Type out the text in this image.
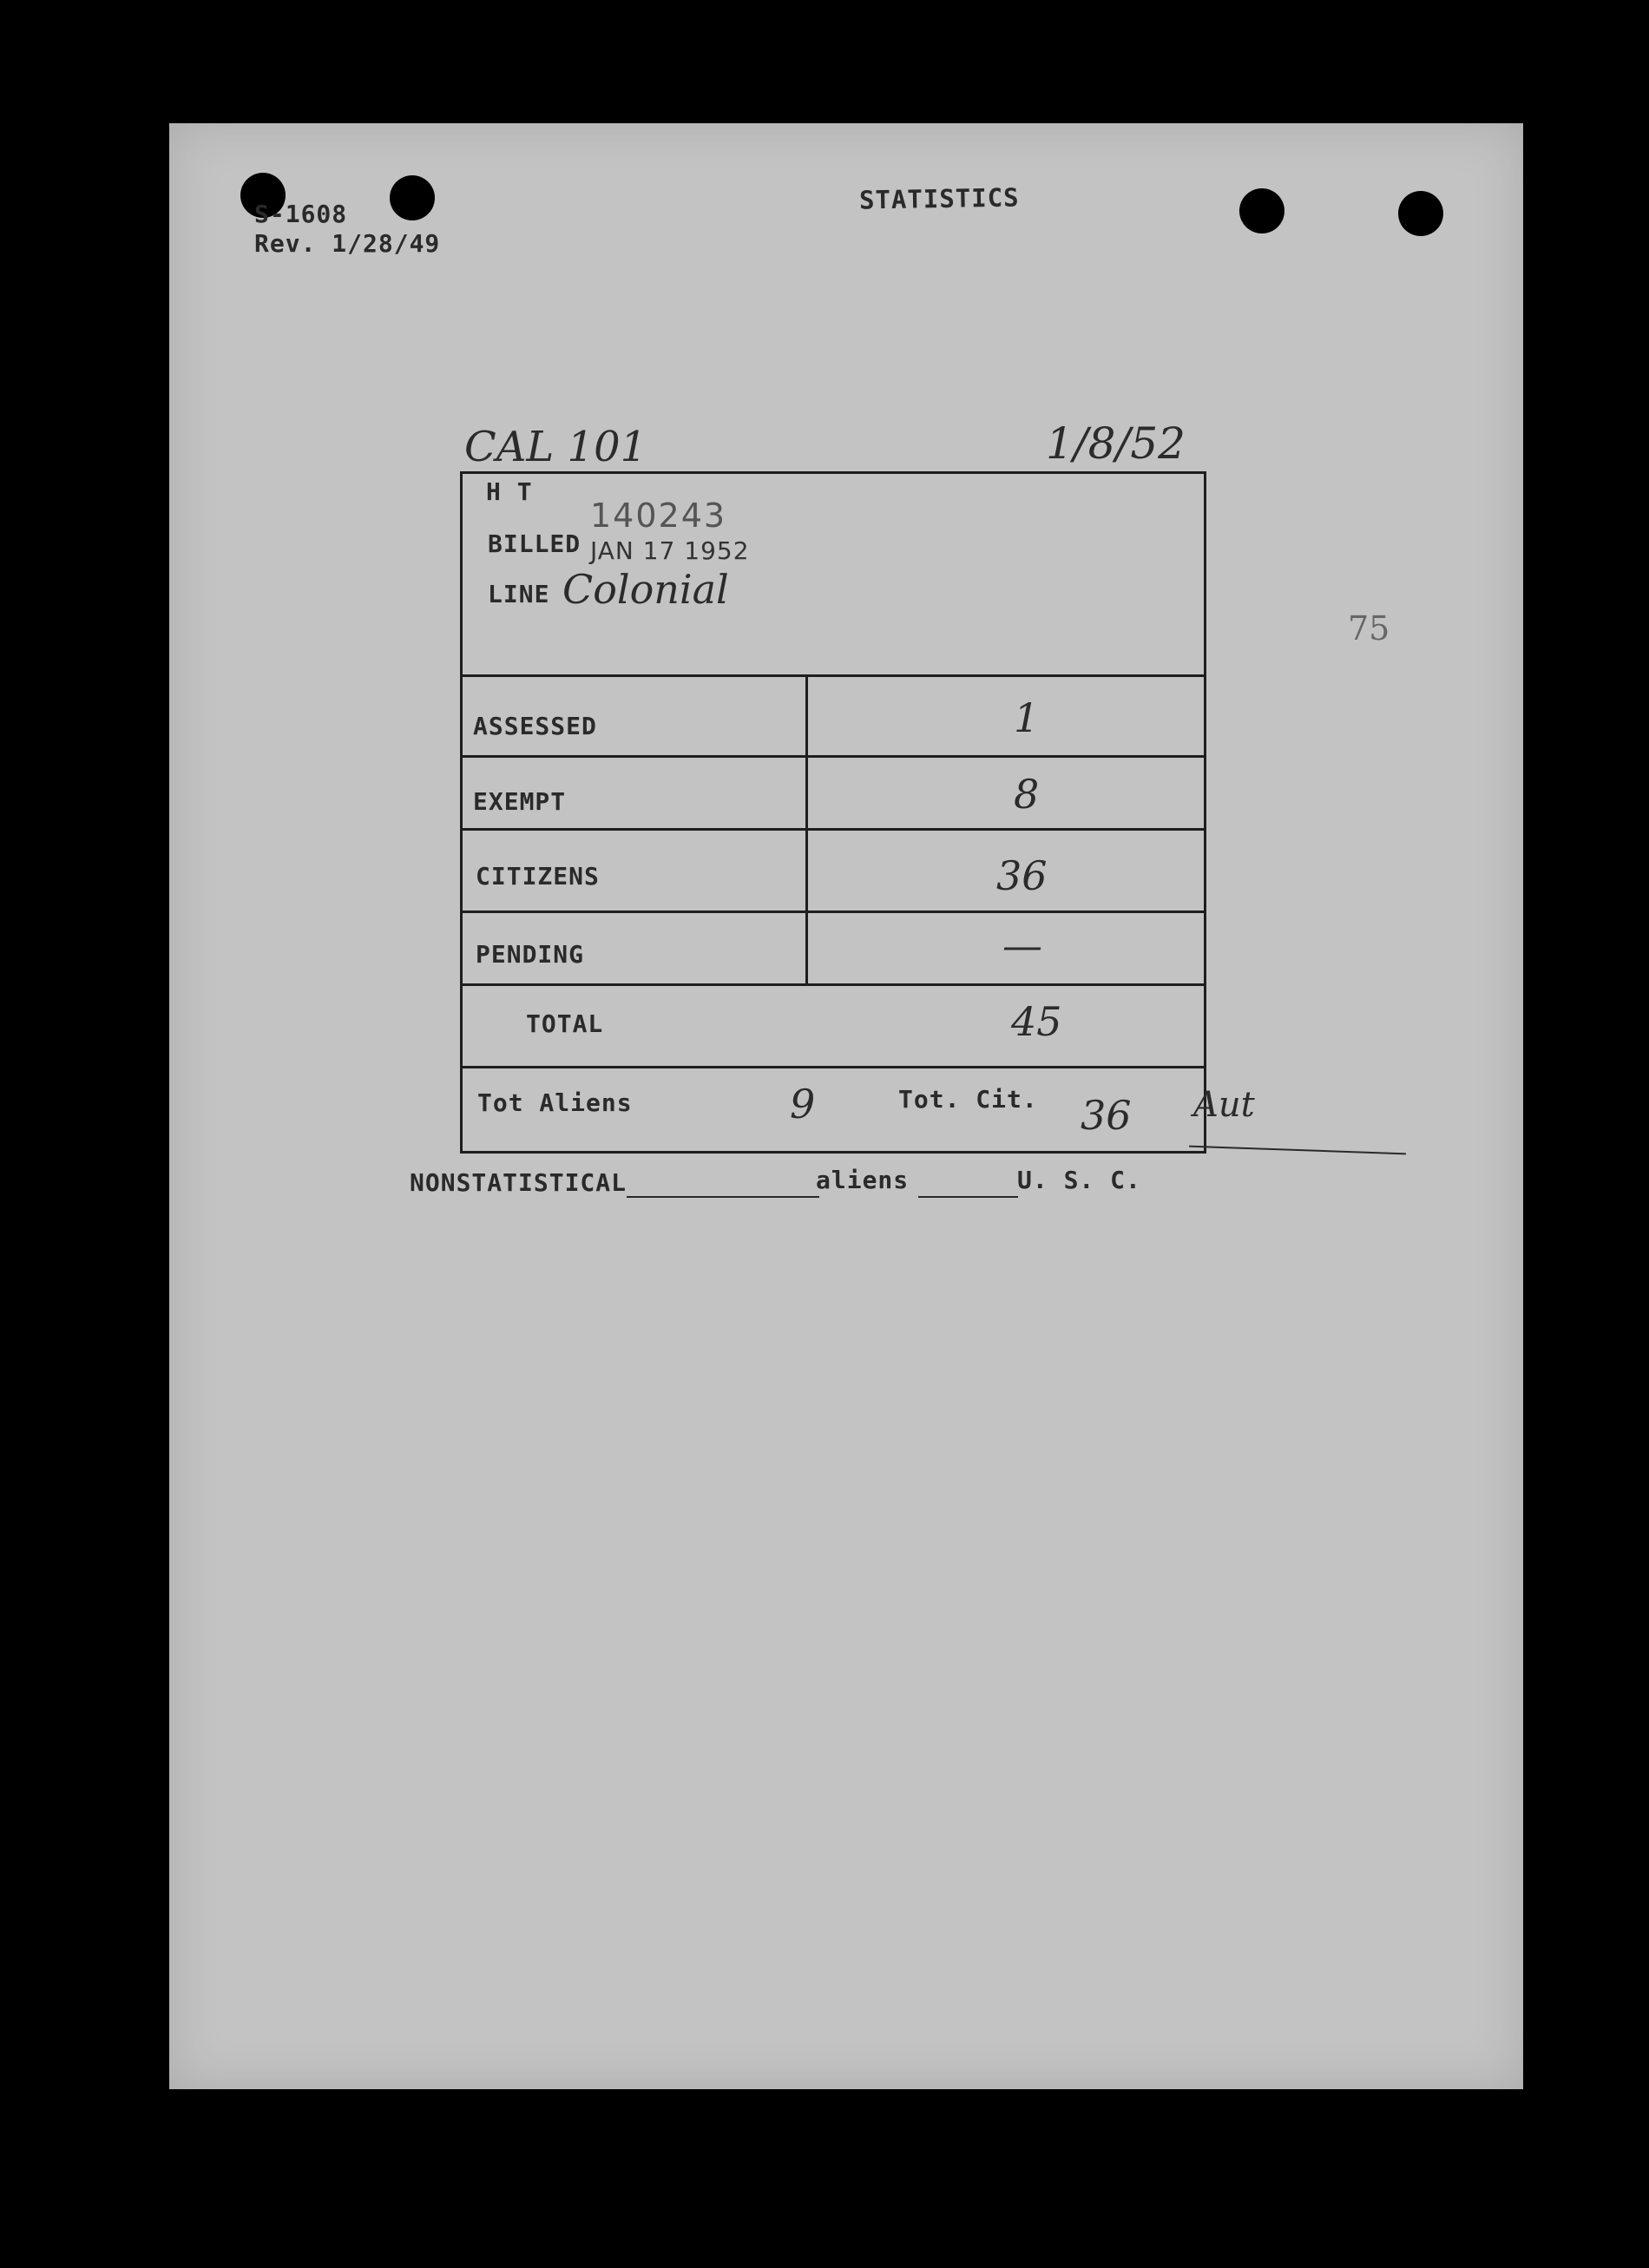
S-1608
Rev. 1/28/49
STATISTICS
CAL 101	1/8/52
H T
140243
BILLED JAN 17 1952
LINE Colonial
75
ASSESSED	1
EXEMPT	8
CITIZENS	36
PENDING	—
TOTAL	45
Tot Aliens	9	Tot. Cit. 36 Aut
NONSTATISTICAL	aliens	U. S. C.
